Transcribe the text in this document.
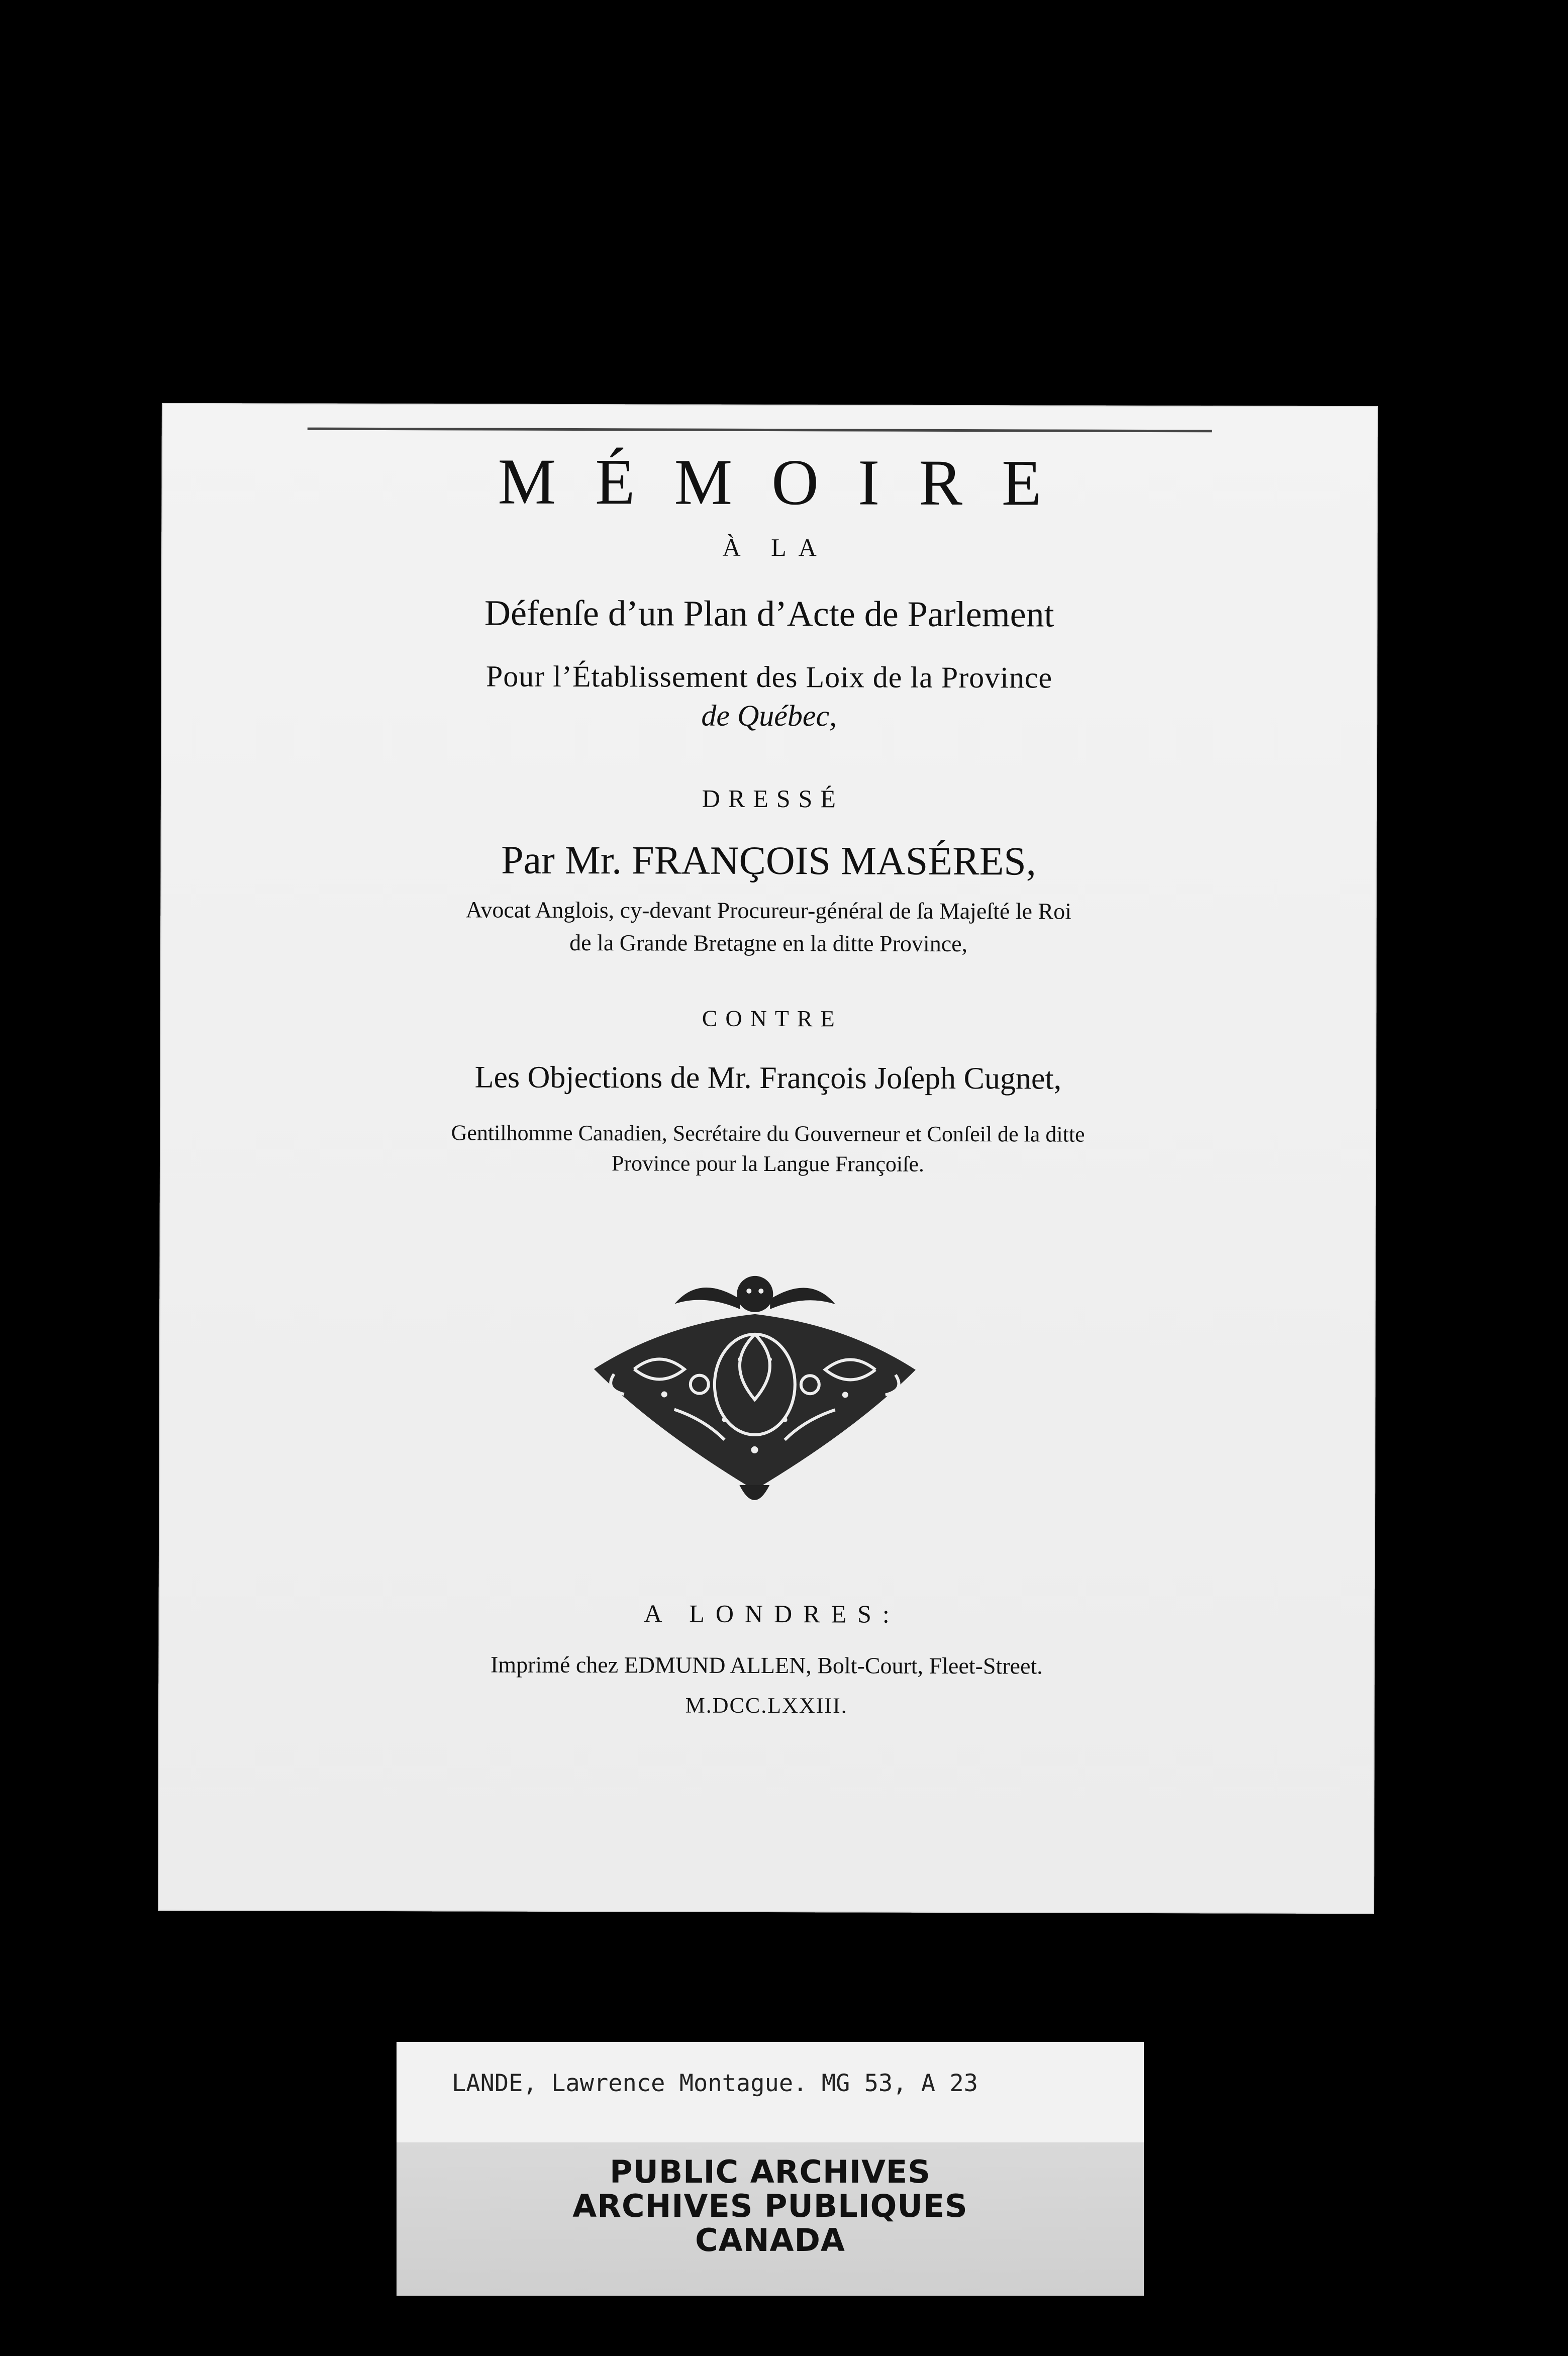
MÉMOIRE
À LA
Défenſe d’un Plan d’Acte de Parlement
Pour l’Établissement des Loix de la Province
de Québec,
DRESSÉ
Par Mr. FRANÇOIS MASÉRES,
Avocat Anglois, cy-devant Procureur-général de ſa Majeſté le Roi
de la Grande Bretagne en la ditte Province,
CONTRE
Les Objections de Mr. François Joſeph Cugnet,
Gentilhomme Canadien, Secrétaire du Gouverneur et Conſeil de la ditte
Province pour la Langue Françoiſe.
A LONDRES:
Imprimé chez EDMUND ALLEN, Bolt-Court, Fleet-Street.
M.DCC.LXXIII.
LANDE, Lawrence Montague. MG 53, A 23
PUBLIC ARCHIVES
ARCHIVES PUBLIQUES
CANADA
